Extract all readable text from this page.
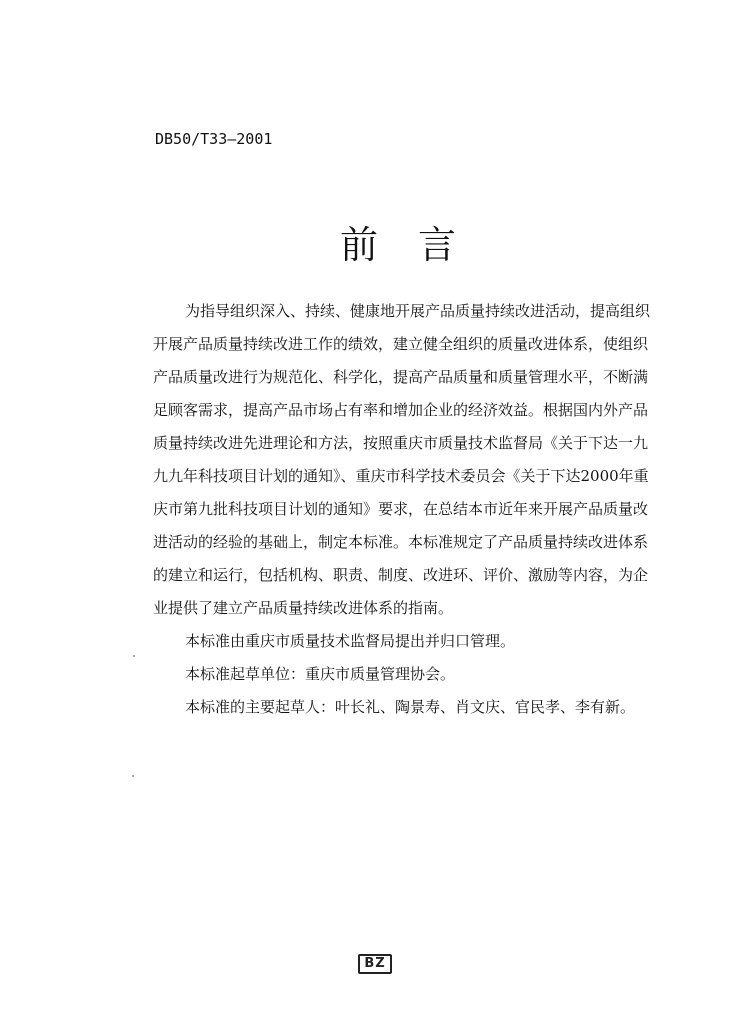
DB50/T33—2001
前言
为指导组织深入、持续、健康地开展产品质量持续改进活动，提高组织
开展产品质量持续改进工作的绩效，建立健全组织的质量改进体系，使组织
产品质量改进行为规范化、科学化，提高产品质量和质量管理水平，不断满
足顾客需求，提高产品市场占有率和增加企业的经济效益。根据国内外产品
质量持续改进先进理论和方法，按照重庆市质量技术监督局《关于下达一九
九九年科技项目计划的通知》、重庆市科学技术委员会《关于下达2000年重
庆市第九批科技项目计划的通知》要求，在总结本市近年来开展产品质量改
进活动的经验的基础上，制定本标准。本标准规定了产品质量持续改进体系
的建立和运行，包括机构、职责、制度、改进环、评价、激励等内容，为企
业提供了建立产品质量持续改进体系的指南。
本标准由重庆市质量技术监督局提出并归口管理。
本标准起草单位：重庆市质量管理协会。
本标准的主要起草人：叶长礼、陶景寿、肖文庆、官民孝、李有新。
BZ
